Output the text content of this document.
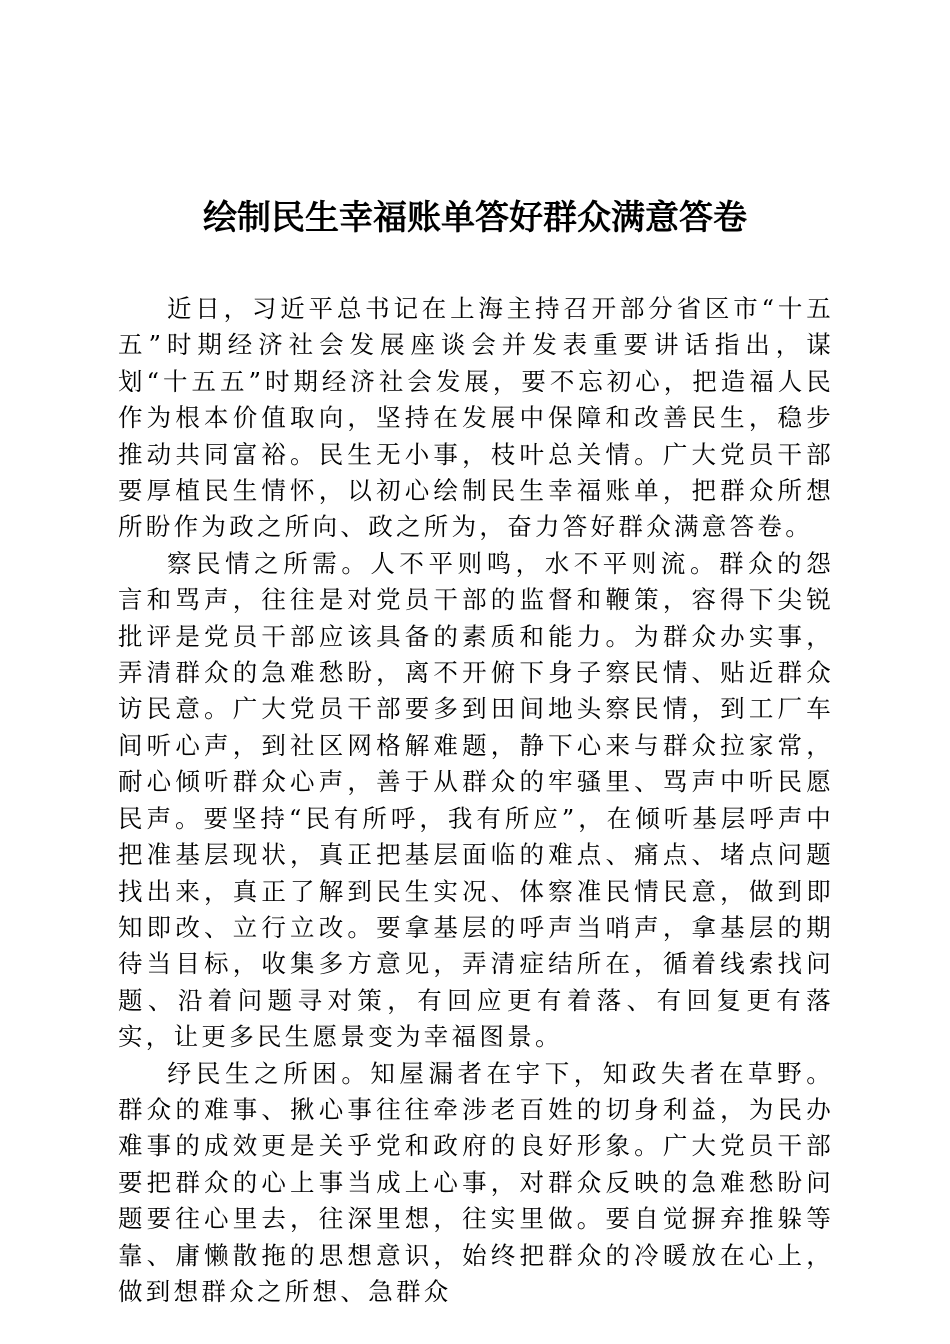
绘制民生幸福账单答好群众满意答卷

近日，习近平总书记在上海主持召开部分省区市“十五五”时期经济社会发展座谈会并发表重要讲话指出，谋划“十五五”时期经济社会发展，要不忘初心，把造福人民作为根本价值取向，坚持在发展中保障和改善民生，稳步推动共同富裕。民生无小事，枝叶总关情。广大党员干部要厚植民生情怀，以初心绘制民生幸福账单，把群众所想所盼作为政之所向、政之所为，奋力答好群众满意答卷。

察民情之所需。人不平则鸣，水不平则流。群众的怨言和骂声，往往是对党员干部的监督和鞭策，容得下尖锐批评是党员干部应该具备的素质和能力。为群众办实事，弄清群众的急难愁盼，离不开俯下身子察民情、贴近群众访民意。广大党员干部要多到田间地头察民情，到工厂车间听心声，到社区网格解难题，静下心来与群众拉家常，耐心倾听群众心声，善于从群众的牢骚里、骂声中听民愿民声。要坚持“民有所呼，我有所应”，在倾听基层呼声中把准基层现状，真正把基层面临的难点、痛点、堵点问题找出来，真正了解到民生实况、体察准民情民意，做到即知即改、立行立改。要拿基层的呼声当哨声，拿基层的期待当目标，收集多方意见，弄清症结所在，循着线索找问题、沿着问题寻对策，有回应更有着落、有回复更有落实，让更多民生愿景变为幸福图景。

纾民生之所困。知屋漏者在宇下，知政失者在草野。群众的难事、揪心事往往牵涉老百姓的切身利益，为民办难事的成效更是关乎党和政府的良好形象。广大党员干部要把群众的心上事当成上心事，对群众反映的急难愁盼问题要往心里去，往深里想，往实里做。要自觉摒弃推躲等靠、庸懒散拖的思想意识，始终把群众的冷暖放在心上，做到想群众之所想、急群众
